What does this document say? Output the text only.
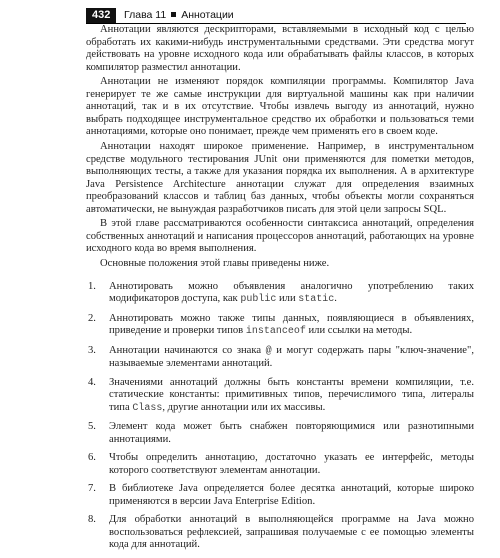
432	Глава 11 Аннотации

Аннотации являются дескрипторами, вставляемыми в исходный код с целью обработать их какими-нибудь инструментальными средствами. Эти средства могут действовать на уровне исходного кода или обрабатывать файлы классов, в которых компилятор разместил аннотации.

Аннотации не изменяют порядок компиляции программы. Компилятор Java генерирует те же самые инструкции для виртуальной машины как при наличии аннотаций, так и в их отсутствие. Чтобы извлечь выгоду из аннотаций, нужно выбрать подходящее инструментальное средство их обработки и пользоваться теми аннотациями, которые оно понимает, прежде чем применять его в своем коде.

Аннотации находят широкое применение. Например, в инструментальном средстве модульного тестирования JUnit они применяются для пометки методов, выполняющих тесты, а также для указания порядка их выполнения. А в архитектуре Java Persistence Architecture аннотации служат для определения взаимных преобразований классов и таблиц баз данных, чтобы объекты могли сохраняться автоматически, не вынуждая разработчиков писать для этой цели запросы SQL.

В этой главе рассматриваются особенности синтаксиса аннотаций, определения собственных аннотаций и написания процессоров аннотаций, работающих на уровне исходного кода во время выполнения.

Основные положения этой главы приведены ниже.

1. Аннотировать можно объявления аналогично употреблению таких модификаторов доступа, как public или static.
2. Аннотировать можно также типы данных, появляющиеся в объявлениях, приведение и проверки типов instanceof или ссылки на методы.
3. Аннотации начинаются со знака @ и могут содержать пары "ключ-значение", называемые элементами аннотаций.
4. Значениями аннотаций должны быть константы времени компиляции, т.е. статические константы: примитивных типов, перечислимого типа, литералы типа Class, другие аннотации или их массивы.
5. Элемент кода может быть снабжен повторяющимися или разнотипными аннотациями.
6. Чтобы определить аннотацию, достаточно указать ее интерфейс, методы которого соответствуют элементам аннотации.
7. В библиотеке Java определяется более десятка аннотаций, которые широко применяются в версии Java Enterprise Edition.
8. Для обработки аннотаций в выполняющейся программе на Java можно воспользоваться рефлексией, запрашивая получаемые с ее помощью элементы кода для аннотаций.
